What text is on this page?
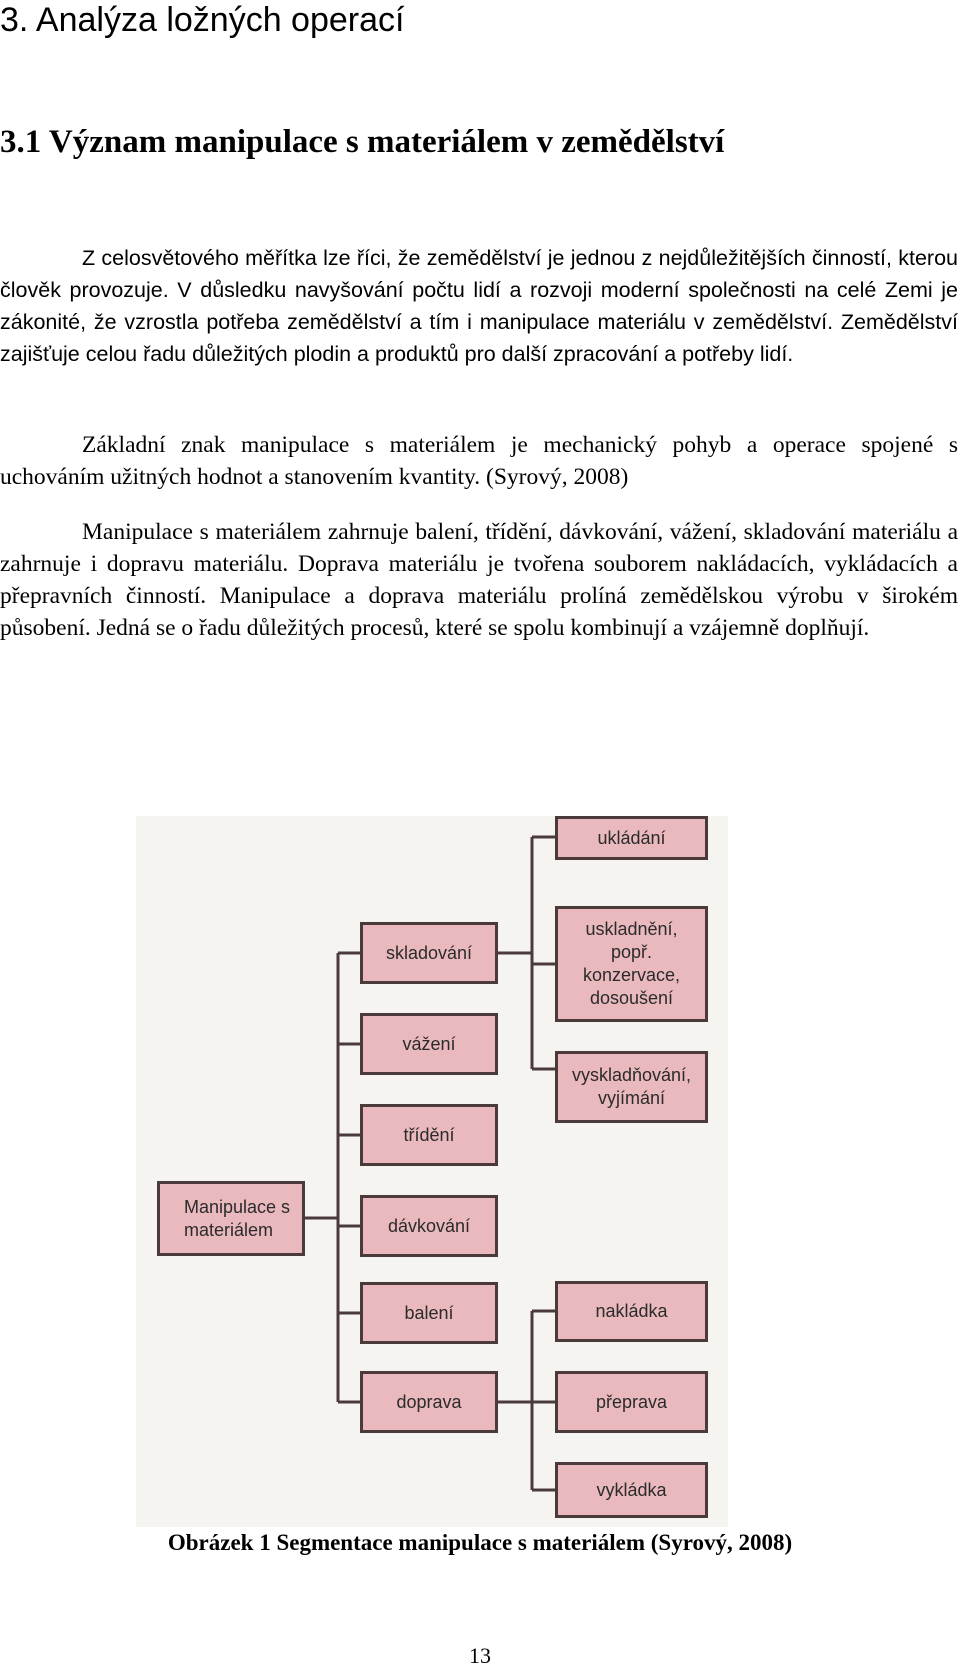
3. Analýza ložných operací
3.1 Význam manipulace s materiálem v zemědělství

Z celosvětového měřítka lze říci, že zemědělství je jednou z nejdůležitějších činností, kterou člověk provozuje. V důsledku navyšování počtu lidí a rozvoji moderní společnosti na celé Zemi je zákonité, že vzrostla potřeba zemědělství a tím i manipulace materiálu v zemědělství. Zemědělství zajišťuje celou řadu důležitých plodin a produktů pro další zpracování a potřeby lidí.

Základní znak manipulace s materiálem je mechanický pohyb a operace spojené s uchováním užitných hodnot a stanovením kvantity. (Syrový, 2008)

Manipulace s materiálem zahrnuje balení, třídění, dávkování, vážení, skladování materiálu a zahrnuje i dopravu materiálu. Doprava materiálu je tvořena souborem nakládacích, vykládacích a přepravních činností. Manipulace a doprava materiálu prolíná zemědělskou výrobu v širokém působení. Jedná se o řadu důležitých procesů, které se spolu kombinují a vzájemně doplňují.

Manipulace s materiálem
skladování
vážení
třídění
dávkování
balení
doprava
ukládání
uskladnění, popř. konzervace, dosoušení
vyskladňování, vyjímání
nakládka
přeprava
vykládka
Obrázek 1 Segmentace manipulace s materiálem (Syrový, 2008)
13
